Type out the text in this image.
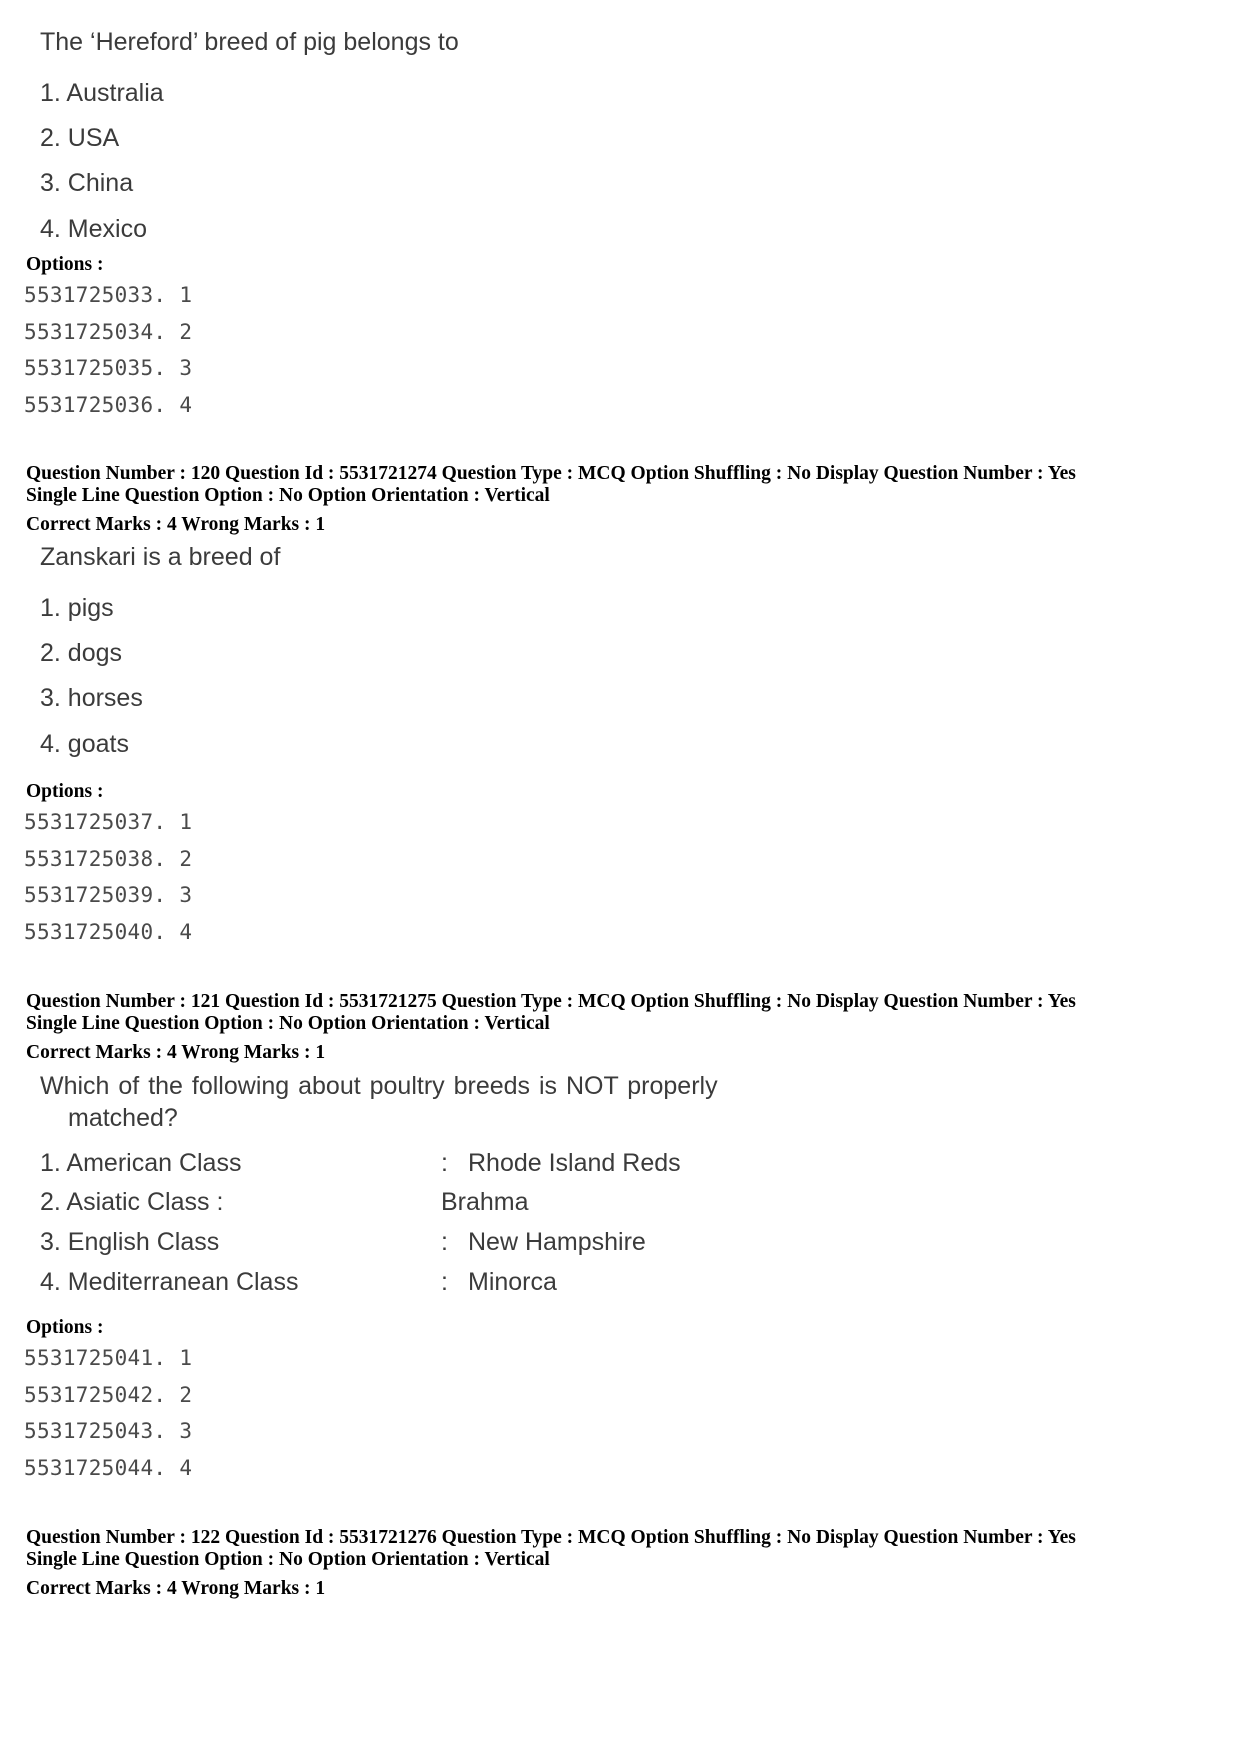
The ‘Hereford’ breed of pig belongs to
1. Australia
2. USA
3. China
4. Mexico
Options :
5531725033. 1
5531725034. 2
5531725035. 3
5531725036. 4
Question Number : 120 Question Id : 5531721274 Question Type : MCQ Option Shuffling : No Display Question Number : Yes
Single Line Question Option : No Option Orientation : Vertical
Correct Marks : 4 Wrong Marks : 1
Zanskari is a breed of
1. pigs
2. dogs
3. horses
4. goats
Options :
5531725037. 1
5531725038. 2
5531725039. 3
5531725040. 4
Question Number : 121 Question Id : 5531721275 Question Type : MCQ Option Shuffling : No Display Question Number : Yes
Single Line Question Option : No Option Orientation : Vertical
Correct Marks : 4 Wrong Marks : 1
Which of the following about poultry breeds is NOT properly
matched?
1. American Class	: Rhode Island Reds
2. Asiatic Class :	Brahma
3. English Class	: New Hampshire
4. Mediterranean Class	: Minorca
Options :
5531725041. 1
5531725042. 2
5531725043. 3
5531725044. 4
Question Number : 122 Question Id : 5531721276 Question Type : MCQ Option Shuffling : No Display Question Number : Yes
Single Line Question Option : No Option Orientation : Vertical
Correct Marks : 4 Wrong Marks : 1
